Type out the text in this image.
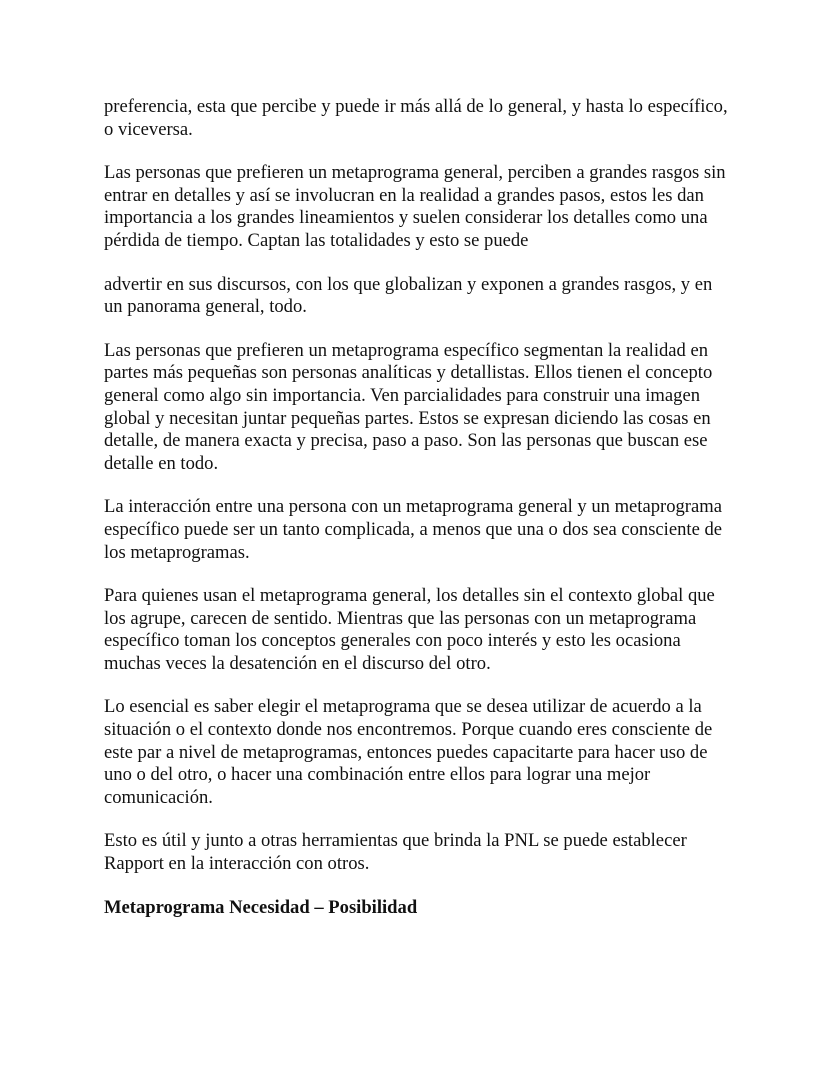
preferencia, esta que percibe y puede ir más allá de lo general, y hasta lo específico, o viceversa.

Las personas que prefieren un metaprograma general, perciben a grandes rasgos sin entrar en detalles y así se involucran en la realidad a grandes pasos, estos les dan importancia a los grandes lineamientos y suelen considerar los detalles como una pérdida de tiempo. Captan las totalidades y esto se puede

advertir en sus discursos, con los que globalizan y exponen a grandes rasgos, y en un panorama general, todo.

Las personas que prefieren un metaprograma específico segmentan la realidad en partes más pequeñas son personas analíticas y detallistas. Ellos tienen el concepto general como algo sin importancia. Ven parcialidades para construir una imagen global y necesitan juntar pequeñas partes. Estos se expresan diciendo las cosas en detalle, de manera exacta y precisa, paso a paso. Son las personas que buscan ese detalle en todo.

La interacción entre una persona con un metaprograma general y un metaprograma específico puede ser un tanto complicada, a menos que una o dos sea consciente de los metaprogramas.

Para quienes usan el metaprograma general, los detalles sin el contexto global que los agrupe, carecen de sentido. Mientras que las personas con un metaprograma específico toman los conceptos generales con poco interés y esto les ocasiona muchas veces la desatención en el discurso del otro.

Lo esencial es saber elegir el metaprograma que se desea utilizar de acuerdo a la situación o el contexto donde nos encontremos. Porque cuando eres consciente de este par a nivel de metaprogramas, entonces puedes capacitarte para hacer uso de uno o del otro, o hacer una combinación entre ellos para lograr una mejor comunicación.

Esto es útil y junto a otras herramientas que brinda la PNL se puede establecer Rapport en la interacción con otros.

Metaprograma Necesidad – Posibilidad
